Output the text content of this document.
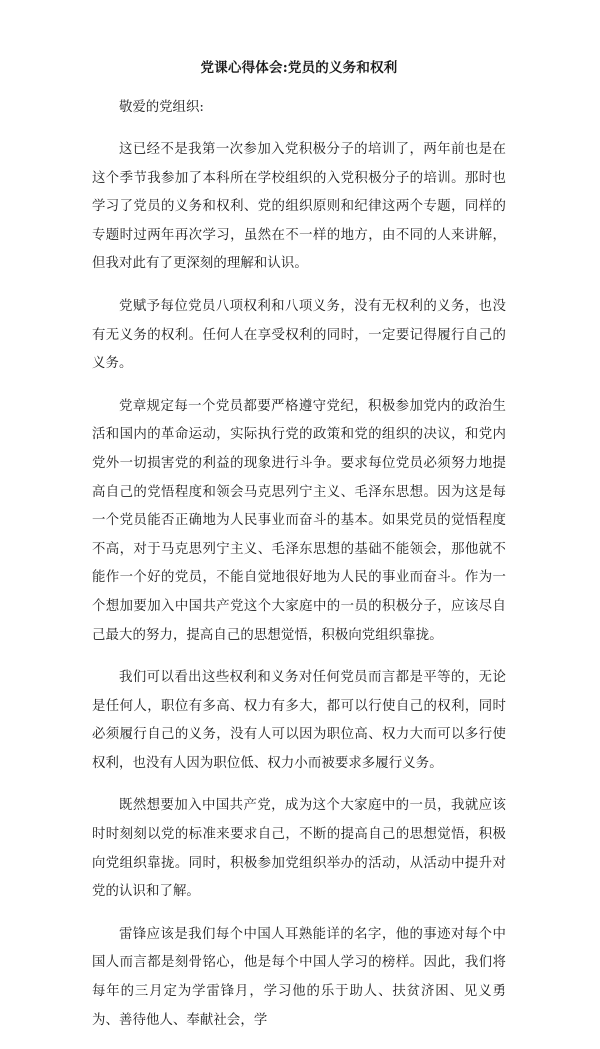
党课心得体会:党员的义务和权利

敬爱的党组织:

这已经不是我第一次参加入党积极分子的培训了，两年前也是在这个季节我参加了本科所在学校组织的入党积极分子的培训。那时也学习了党员的义务和权利、党的组织原则和纪律这两个专题，同样的专题时过两年再次学习，虽然在不一样的地方，由不同的人来讲解，但我对此有了更深刻的理解和认识。

党赋予每位党员八项权利和八项义务，没有无权利的义务，也没有无义务的权利。任何人在享受权利的同时，一定要记得履行自己的义务。

党章规定每一个党员都要严格遵守党纪，积极参加党内的政治生活和国内的革命运动，实际执行党的政策和党的组织的决议，和党内党外一切损害党的利益的现象进行斗争。要求每位党员必须努力地提高自己的党悟程度和领会马克思列宁主义、毛泽东思想。因为这是每一个党员能否正确地为人民事业而奋斗的基本。如果党员的觉悟程度不高，对于马克思列宁主义、毛泽东思想的基础不能领会，那他就不能作一个好的党员，不能自觉地很好地为人民的事业而奋斗。作为一个想加要加入中国共产党这个大家庭中的一员的积极分子，应该尽自己最大的努力，提高自己的思想觉悟，积极向党组织靠拢。

我们可以看出这些权利和义务对任何党员而言都是平等的，无论是任何人，职位有多高、权力有多大，都可以行使自己的权利，同时必须履行自己的义务，没有人可以因为职位高、权力大而可以多行使权利，也没有人因为职位低、权力小而被要求多履行义务。

既然想要加入中国共产党，成为这个大家庭中的一员，我就应该时时刻刻以党的标准来要求自己，不断的提高自己的思想觉悟，积极向党组织靠拢。同时，积极参加党组织举办的活动，从活动中提升对党的认识和了解。

雷锋应该是我们每个中国人耳熟能详的名字，他的事迹对每个中国人而言都是刻骨铭心，他是每个中国人学习的榜样。因此，我们将每年的三月定为学雷锋月，学习他的乐于助人、扶贫济困、见义勇为、善待他人、奉献社会，学
